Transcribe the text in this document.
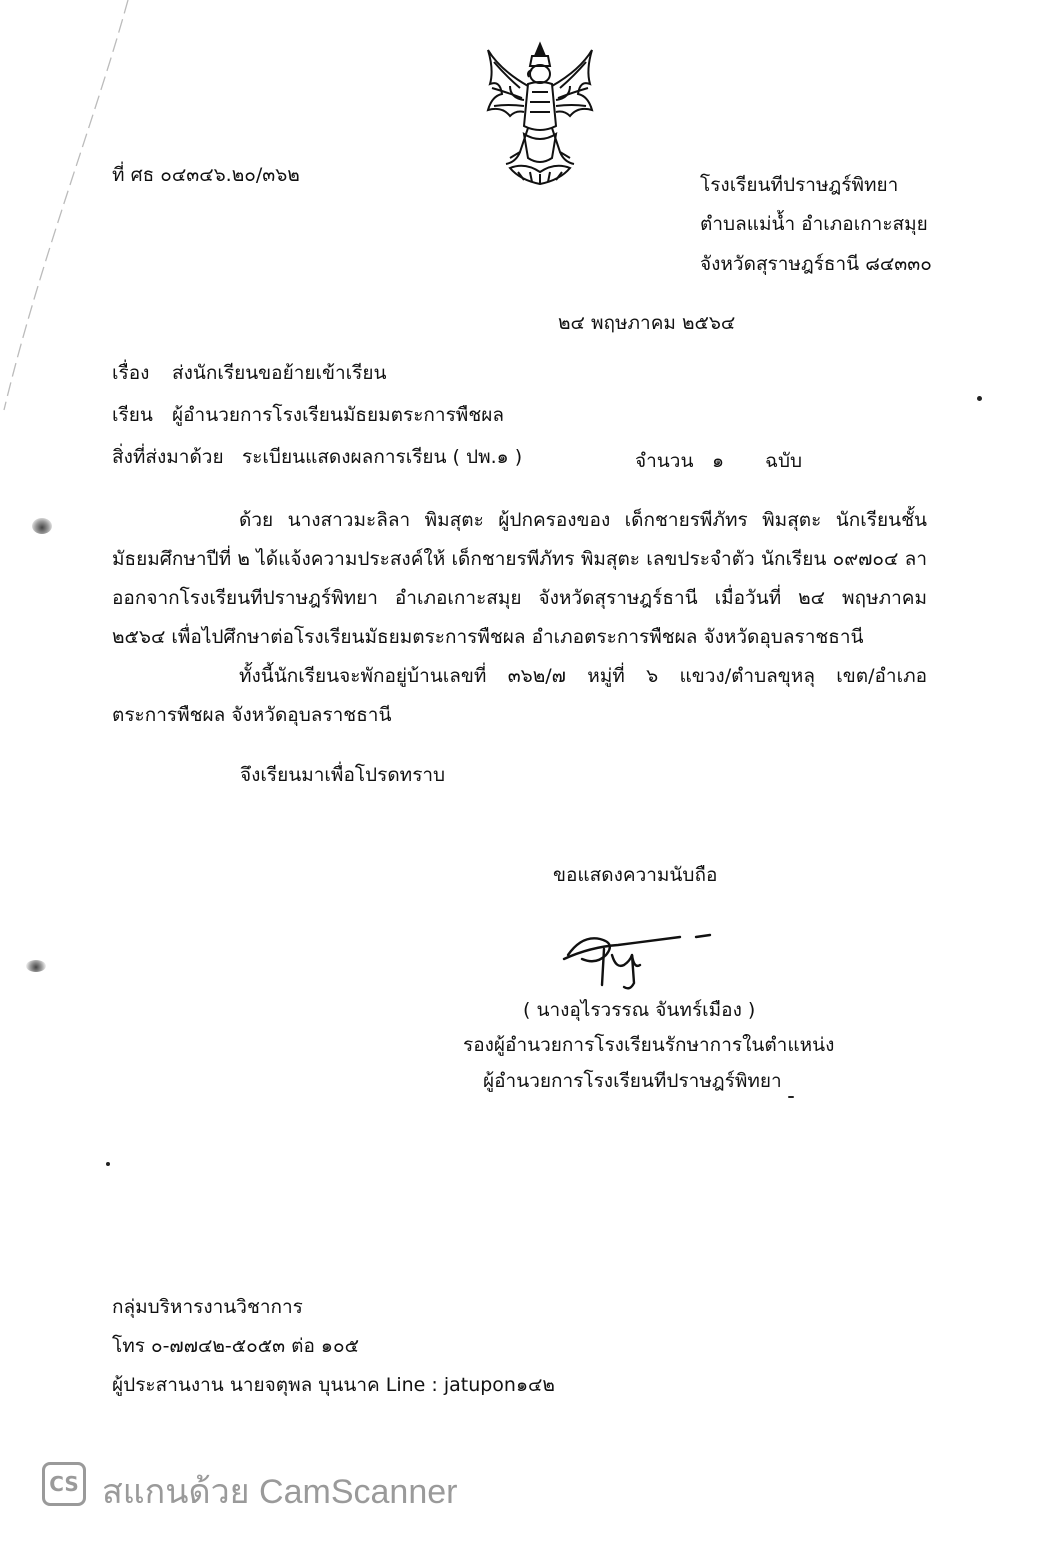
ที่ ศธ ๐๔๓๔๖.๒๐/๓๖๒	โรงเรียนทีปราษฎร์พิทยา
ตำบลแม่น้ำ อำเภอเกาะสมุย
จังหวัดสุราษฎร์ธานี ๘๔๓๓๐
๒๔ พฤษภาคม ๒๕๖๔
เรื่อง ส่งนักเรียนขอย้ายเข้าเรียน
เรียน ผู้อำนวยการโรงเรียนมัธยมตระการพืชผล
สิ่งที่ส่งมาด้วย ระเบียนแสดงผลการเรียน ( ปพ.๑ )	จำนวน ๑ ฉบับ

ด้วย นางสาวมะลิลา พิมสุตะ ผู้ปกครองของ เด็กชายรพีภัทร พิมสุตะ นักเรียนชั้นมัธยมศึกษาปีที่ ๒ ได้แจ้งความประสงค์ให้ เด็กชายรพีภัทร พิมสุตะ เลขประจำตัว นักเรียน ๐๙๗๐๔ ลาออกจากโรงเรียนทีปราษฎร์พิทยา อำเภอเกาะสมุย จังหวัดสุราษฎร์ธานี เมื่อวันที่ ๒๔ พฤษภาคม ๒๕๖๔ เพื่อไปศึกษาต่อโรงเรียนมัธยมตระการพืชผล อำเภอตระการพืชผล จังหวัดอุบลราชธานี

ทั้งนี้นักเรียนจะพักอยู่บ้านเลขที่ ๓๖๒/๗ หมู่ที่ ๖ แขวง/ตำบลขุหลุ เขต/อำเภอตระการพืชผล จังหวัดอุบลราชธานี

จึงเรียนมาเพื่อโปรดทราบ
ขอแสดงความนับถือ
( นางอุไรวรรณ จันทร์เมือง )
รองผู้อำนวยการโรงเรียนรักษาการในตำแหน่ง
ผู้อำนวยการโรงเรียนทีปราษฎร์พิทยา
กลุ่มบริหารงานวิชาการ
โทร ๐-๗๗๔๒-๕๐๕๓ ต่อ ๑๐๕
ผู้ประสานงาน นายจตุพล บุนนาค Line : jatupon๑๔๒
CS สแกนด้วย CamScanner
